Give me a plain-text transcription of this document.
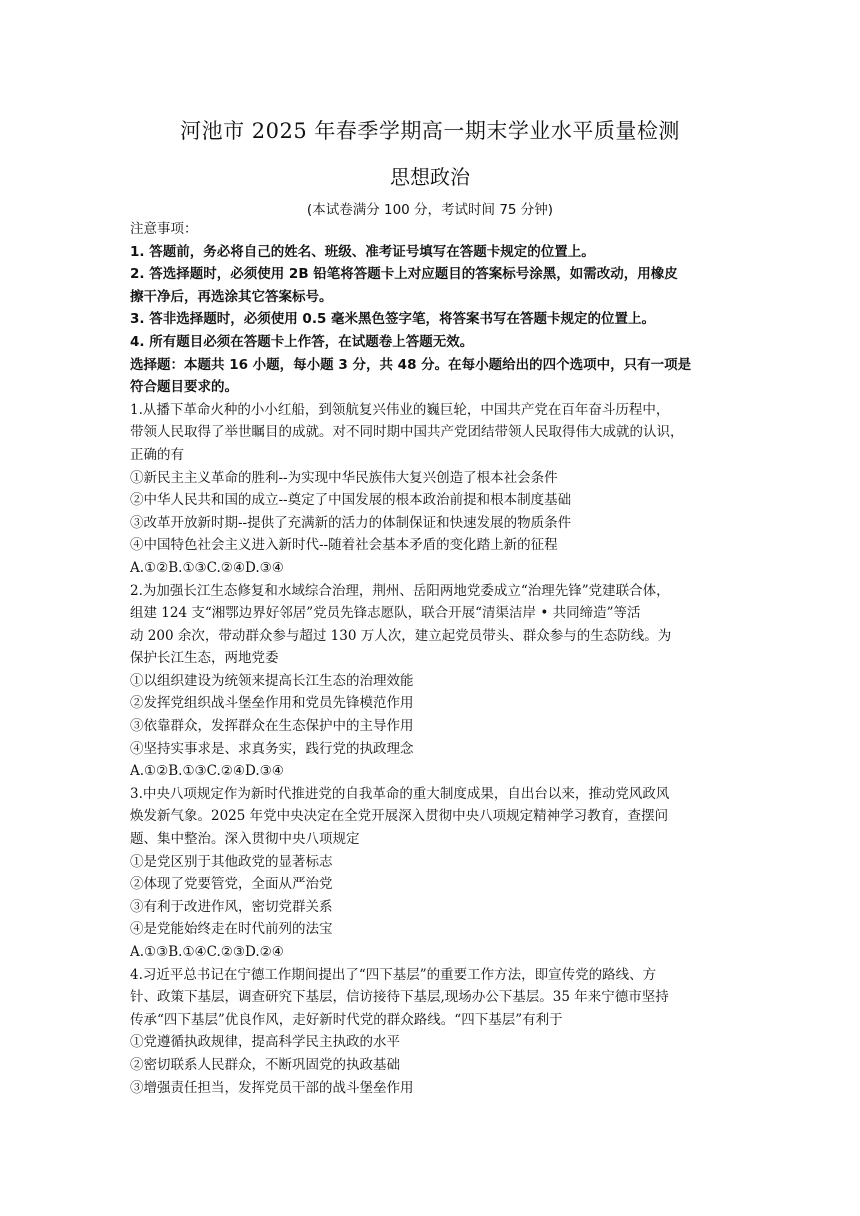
河池市 2025 年春季学期高一期末学业水平质量检测
思想政治
(本试卷满分 100 分，考试时间 75 分钟)
注意事项：
1. 答题前，务必将自己的姓名、班级、准考证号填写在答题卡规定的位置上。
2. 答选择题时，必须使用 2B 铅笔将答题卡上对应题目的答案标号涂黑，如需改动，用橡皮
擦干净后，再选涂其它答案标号。
3. 答非选择题时，必须使用 0.5 毫米黑色签字笔，将答案书写在答题卡规定的位置上。
4. 所有题目必须在答题卡上作答，在试题卷上答题无效。
选择题：本题共 16 小题，每小题 3 分，共 48 分。在每小题给出的四个选项中，只有一项是
符合题目要求的。
1.从播下革命火种的小小红船，到领航复兴伟业的巍巨轮，中国共产党在百年奋斗历程中，
带领人民取得了举世瞩目的成就。对不同时期中国共产党团结带领人民取得伟大成就的认识，
正确的有
①新民主主义革命的胜利--为实现中华民族伟大复兴创造了根本社会条件
②中华人民共和国的成立--奠定了中国发展的根本政治前提和根本制度基础
③改革开放新时期--提供了充满新的活力的体制保证和快速发展的物质条件
④中国特色社会主义进入新时代--随着社会基本矛盾的变化踏上新的征程
A.①②B.①③C.②④D.③④
2.为加强长江生态修复和水域综合治理，荆州、岳阳两地党委成立“治理先锋”党建联合体，
组建 124 支“湘鄂边界好邻居”党员先锋志愿队，联合开展“清渠洁岸 • 共同缔造”等活
动 200 余次，带动群众参与超过 130 万人次，建立起党员带头、群众参与的生态防线。为
保护长江生态，两地党委
①以组织建设为统领来提高长江生态的治理效能
②发挥党组织战斗堡垒作用和党员先锋模范作用
③依靠群众，发挥群众在生态保护中的主导作用
④坚持实事求是、求真务实，践行党的执政理念
A.①②B.①③C.②④D.③④
3.中央八项规定作为新时代推进党的自我革命的重大制度成果，自出台以来，推动党风政风
焕发新气象。2025 年党中央决定在全党开展深入贯彻中央八项规定精神学习教育，查摆问
题、集中整治。深入贯彻中央八项规定
①是党区别于其他政党的显著标志
②体现了党要管党，全面从严治党
③有利于改进作风，密切党群关系
④是党能始终走在时代前列的法宝
A.①③B.①④C.②③D.②④
4.习近平总书记在宁德工作期间提出了“四下基层”的重要工作方法，即宣传党的路线、方
针、政策下基层，调查研究下基层，信访接待下基层,现场办公下基层。35 年来宁德市坚持
传承“四下基层”优良作风，走好新时代党的群众路线。“四下基层”有利于
①党遵循执政规律，提高科学民主执政的水平
②密切联系人民群众，不断巩固党的执政基础
③增强责任担当，发挥党员干部的战斗堡垒作用
